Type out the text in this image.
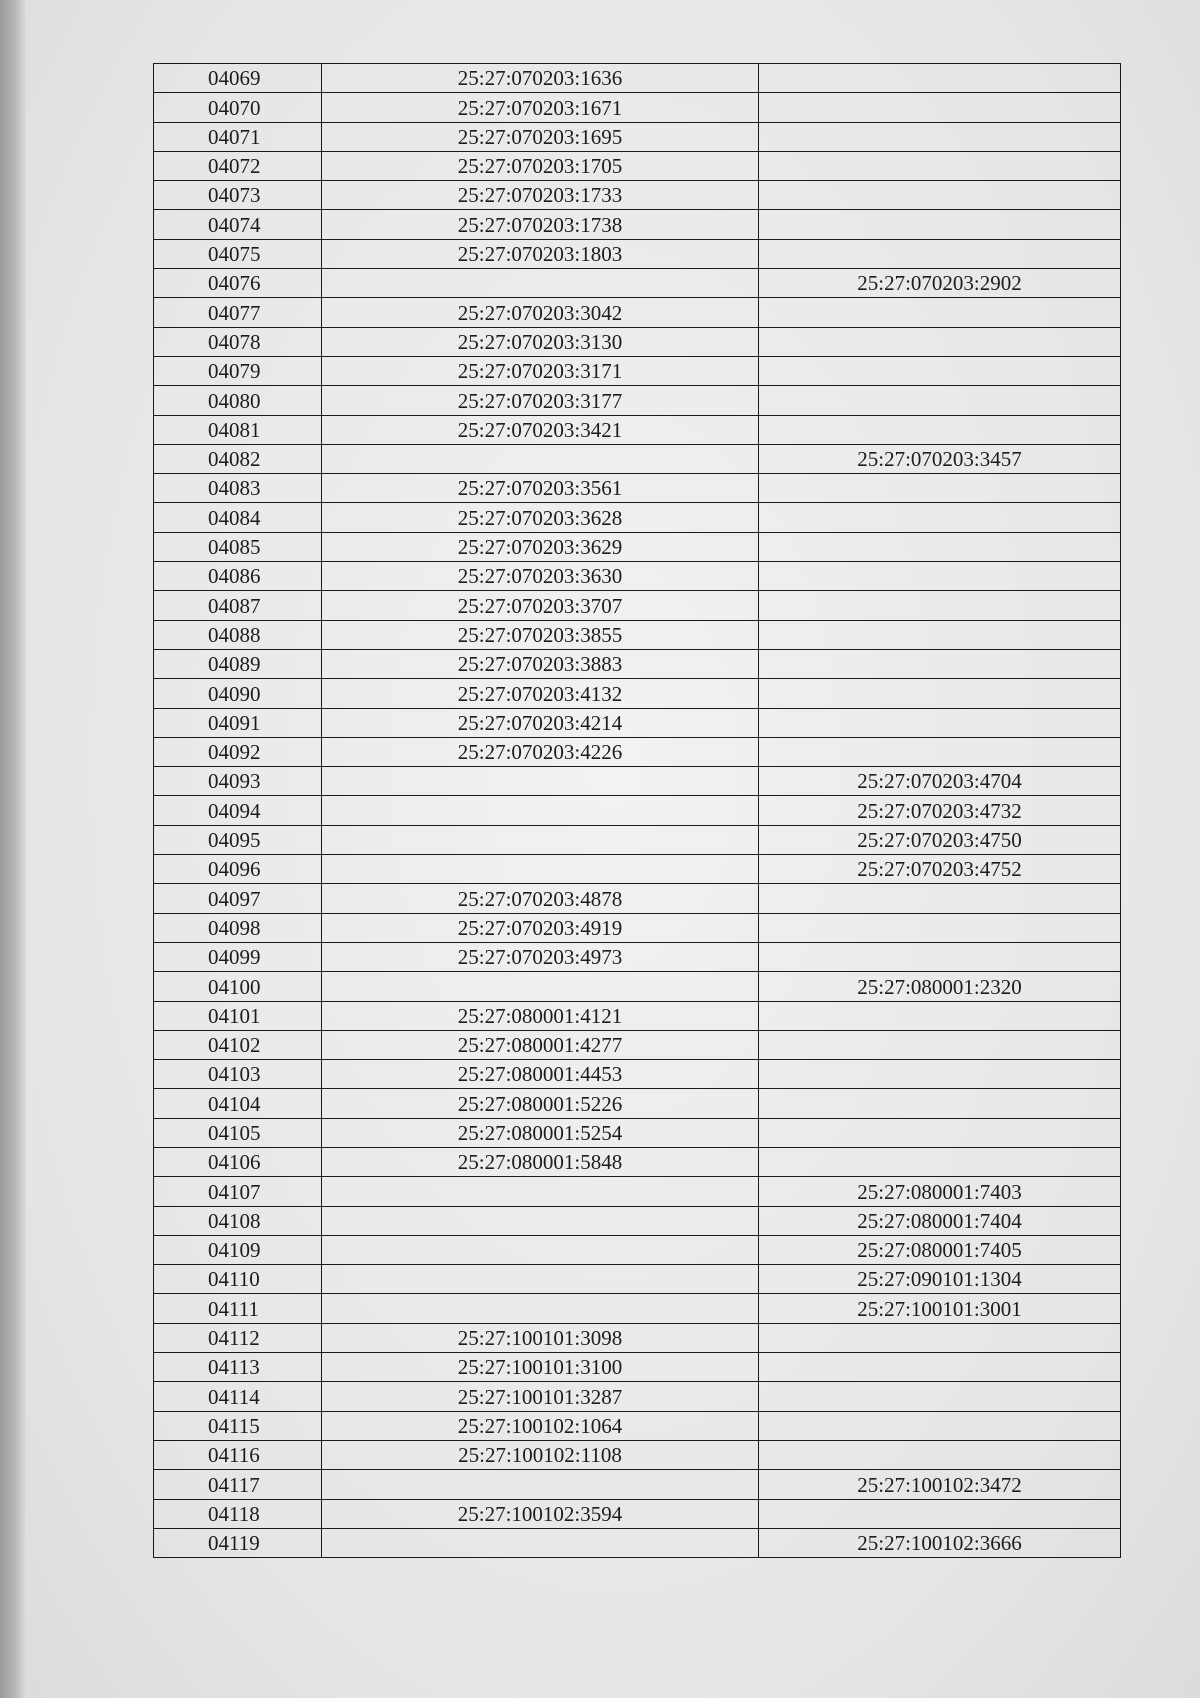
04069	25:27:070203:1636	
04070	25:27:070203:1671	
04071	25:27:070203:1695	
04072	25:27:070203:1705	
04073	25:27:070203:1733	
04074	25:27:070203:1738	
04075	25:27:070203:1803	
04076		25:27:070203:2902
04077	25:27:070203:3042	
04078	25:27:070203:3130	
04079	25:27:070203:3171	
04080	25:27:070203:3177	
04081	25:27:070203:3421	
04082		25:27:070203:3457
04083	25:27:070203:3561	
04084	25:27:070203:3628	
04085	25:27:070203:3629	
04086	25:27:070203:3630	
04087	25:27:070203:3707	
04088	25:27:070203:3855	
04089	25:27:070203:3883	
04090	25:27:070203:4132	
04091	25:27:070203:4214	
04092	25:27:070203:4226	
04093		25:27:070203:4704
04094		25:27:070203:4732
04095		25:27:070203:4750
04096		25:27:070203:4752
04097	25:27:070203:4878	
04098	25:27:070203:4919	
04099	25:27:070203:4973	
04100		25:27:080001:2320
04101	25:27:080001:4121	
04102	25:27:080001:4277	
04103	25:27:080001:4453	
04104	25:27:080001:5226	
04105	25:27:080001:5254	
04106	25:27:080001:5848	
04107		25:27:080001:7403
04108		25:27:080001:7404
04109		25:27:080001:7405
04110		25:27:090101:1304
04111		25:27:100101:3001
04112	25:27:100101:3098	
04113	25:27:100101:3100	
04114	25:27:100101:3287	
04115	25:27:100102:1064	
04116	25:27:100102:1108	
04117		25:27:100102:3472
04118	25:27:100102:3594	
04119		25:27:100102:3666
